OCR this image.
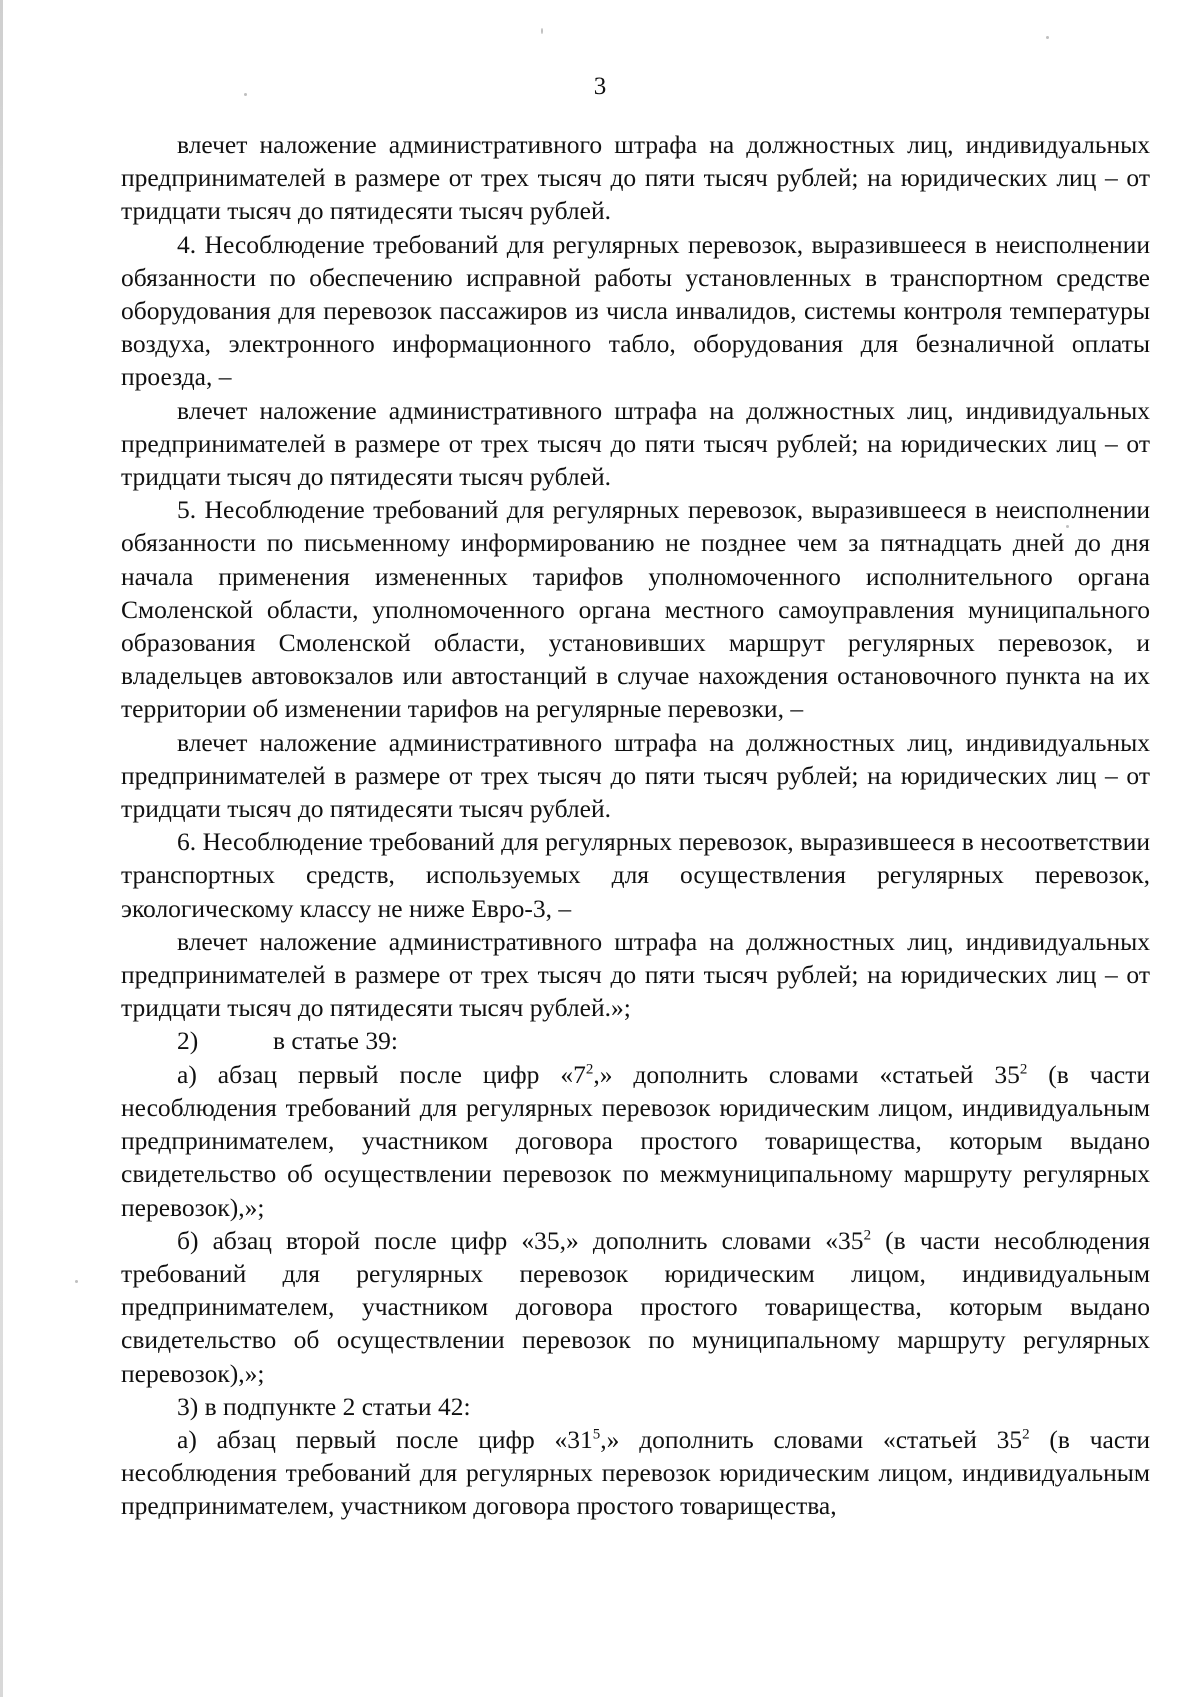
3

влечет наложение административного штрафа на должностных лиц, индивидуальных предпринимателей в размере от трех тысяч до пяти тысяч рублей; на юридических лиц – от тридцати тысяч до пятидесяти тысяч рублей.

4. Несоблюдение требований для регулярных перевозок, выразившееся в неисполнении обязанности по обеспечению исправной работы установленных в транспортном средстве оборудования для перевозок пассажиров из числа инвалидов, системы контроля температуры воздуха, электронного информационного табло, оборудования для безналичной оплаты проезда, –

влечет наложение административного штрафа на должностных лиц, индивидуальных предпринимателей в размере от трех тысяч до пяти тысяч рублей; на юридических лиц – от тридцати тысяч до пятидесяти тысяч рублей.

5. Несоблюдение требований для регулярных перевозок, выразившееся в неисполнении обязанности по письменному информированию не позднее чем за пятнадцать дней до дня начала применения измененных тарифов уполномоченного исполнительного органа Смоленской области, уполномоченного органа местного самоуправления муниципального образования Смоленской области, установивших маршрут регулярных перевозок, и владельцев автовокзалов или автостанций в случае нахождения остановочного пункта на их территории об изменении тарифов на регулярные перевозки, –

влечет наложение административного штрафа на должностных лиц, индивидуальных предпринимателей в размере от трех тысяч до пяти тысяч рублей; на юридических лиц – от тридцати тысяч до пятидесяти тысяч рублей.

6. Несоблюдение требований для регулярных перевозок, выразившееся в несоответствии транспортных средств, используемых для осуществления регулярных перевозок, экологическому классу не ниже Евро-3, –

влечет наложение административного штрафа на должностных лиц, индивидуальных предпринимателей в размере от трех тысяч до пяти тысяч рублей; на юридических лиц – от тридцати тысяч до пятидесяти тысяч рублей.»;

2)	в статье 39:

а) абзац первый после цифр «$7^2$,» дополнить словами «статьей $35^2$ (в части несоблюдения требований для регулярных перевозок юридическим лицом, индивидуальным предпринимателем, участником договора простого товарищества, которым выдано свидетельство об осуществлении перевозок по межмуниципальному маршруту регулярных перевозок),»;

б) абзац второй после цифр «35,» дополнить словами «$35^2$ (в части несоблюдения требований для регулярных перевозок юридическим лицом, индивидуальным предпринимателем, участником договора простого товарищества, которым выдано свидетельство об осуществлении перевозок по муниципальному маршруту регулярных перевозок),»;

3) в подпункте 2 статьи 42:

а) абзац первый после цифр «$31^5$,» дополнить словами «статьей $35^2$ (в части несоблюдения требований для регулярных перевозок юридическим лицом, индивидуальным предпринимателем, участником договора простого товарищества,
